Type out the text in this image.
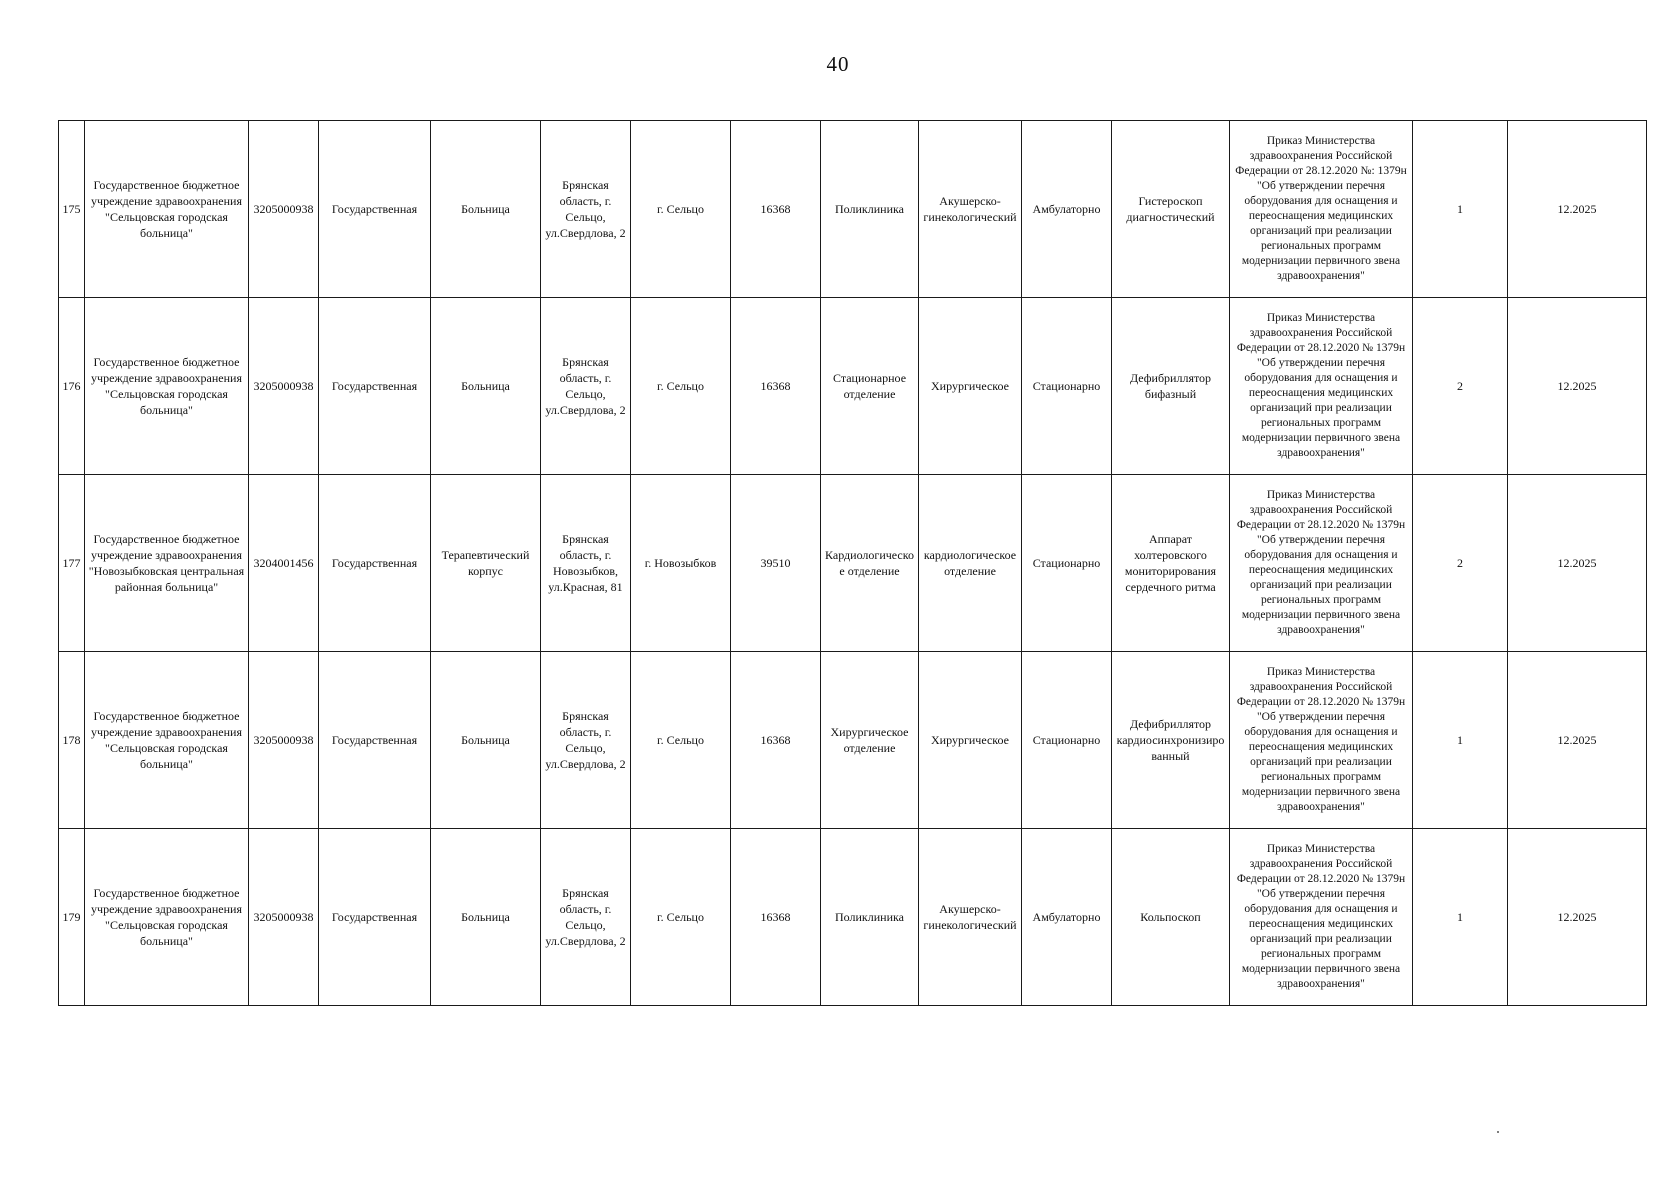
40
175	Государственное бюджетное учреждение здравоохранения "Сельцовская городская больница"	3205000938	Государственная	Больница	Брянская область, г. Сельцо, ул.Свердлова, 2	г. Сельцо	16368	Поликлиника	Акушерско-гинекологический	Амбулаторно	Гистероскоп диагностический	Приказ Министерства здравоохранения Российской Федерации от 28.12.2020 №: 1379н "Об утверждении перечня оборудования для оснащения и переоснащения медицинских организаций при реализации региональных программ модернизации первичного звена здравоохранения"	1	12.2025
176	Государственное бюджетное учреждение здравоохранения "Сельцовская городская больница"	3205000938	Государственная	Больница	Брянская область, г. Сельцо, ул.Свердлова, 2	г. Сельцо	16368	Стационарное отделение	Хирургическое	Стационарно	Дефибриллятор бифазный	Приказ Министерства здравоохранения Российской Федерации от 28.12.2020 № 1379н "Об утверждении перечня оборудования для оснащения и переоснащения медицинских организаций при реализации региональных программ модернизации первичного звена здравоохранения"	2	12.2025
177	Государственное бюджетное учреждение здравоохранения "Новозыбковская центральная районная больница"	3204001456	Государственная	Терапевтический корпус	Брянская область, г. Новозыбков, ул.Красная, 81	г. Новозыбков	39510	Кардиологическое отделение	кардиологическое отделение	Стационарно	Аппарат холтеровского мониторирования сердечного ритма	Приказ Министерства здравоохранения Российской Федерации от 28.12.2020 № 1379н "Об утверждении перечня оборудования для оснащения и переоснащения медицинских организаций при реализации региональных программ модернизации первичного звена здравоохранения"	2	12.2025
178	Государственное бюджетное учреждение здравоохранения "Сельцовская городская больница"	3205000938	Государственная	Больница	Брянская область, г. Сельцо, ул.Свердлова, 2	г. Сельцо	16368	Хирургическое отделение	Хирургическое	Стационарно	Дефибриллятор кардиосинхронизированный	Приказ Министерства здравоохранения Российской Федерации от 28.12.2020 № 1379н "Об утверждении перечня оборудования для оснащения и переоснащения медицинских организаций при реализации региональных программ модернизации первичного звена здравоохранения"	1	12.2025
179	Государственное бюджетное учреждение здравоохранения "Сельцовская городская больница"	3205000938	Государственная	Больница	Брянская область, г. Сельцо, ул.Свердлова, 2	г. Сельцо	16368	Поликлиника	Акушерско-гинекологический	Амбулаторно	Кольпоскоп	Приказ Министерства здравоохранения Российской Федерации от 28.12.2020 № 1379н "Об утверждении перечня оборудования для оснащения и переоснащения медицинских организаций при реализации региональных программ модернизации первичного звена здравоохранения"	1	12.2025
